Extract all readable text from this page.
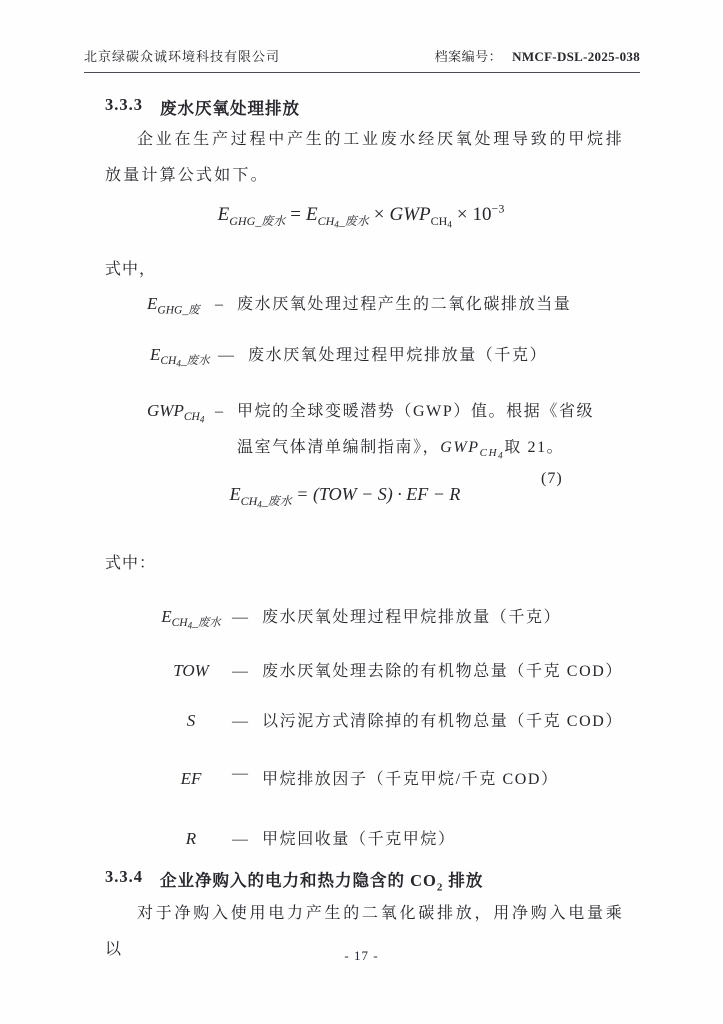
北京绿碳众诚环境科技有限公司	档案编号： NMCF-DSL-2025-038
3.3.3 废水厌氧处理排放
企业在生产过程中产生的工业废水经厌氧处理导致的甲烷排放量计算公式如下。
$E_{GHG\_废水} = E_{CH4\_废水} \times GWP_{CH4} \times 10^{-3}$
式中，
$E_{GHG\_废}$ – 废水厌氧处理过程产生的二氧化碳排放当量
$E_{CH4\_废水}$ — 废水厌氧处理过程甲烷排放量（千克）
$GWP_{CH4}$ – 甲烷的全球变暖潜势（GWP）值。根据《省级
温室气体清单编制指南》，$GWP_{CH_4}$取 21。
$E_{CH4\_废水} = (TOW - S)$ · EF − R
(7)
式中：
$E_{CH4\_废水}$ — 废水厌氧处理过程甲烷排放量（千克）
TOW	— 废水厌氧处理去除的有机物总量（千克 COD）
S	— 以污泥方式清除掉的有机物总量（千克 COD）
EF	— 甲烷排放因子（千克甲烷/千克 COD）
R	— 甲烷回收量（千克甲烷）
3.3.4 企业净购入的电力和热力隐含的 $CO_2$ 排放
对于净购入使用电力产生的二氧化碳排放，用净购入电量乘以	- 17 -
